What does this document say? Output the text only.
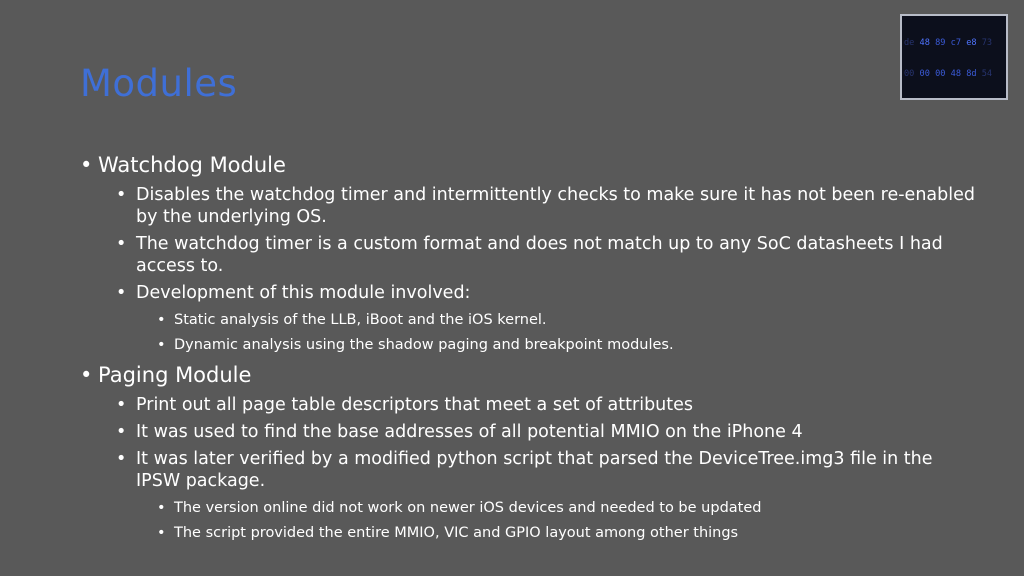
Modules

de 48 89 c7 e8 73

00 00 00 48 8d 54

• Watchdog Module

• Disables the watchdog timer and intermittently checks to make sure it has not been re-enabled by the underlying OS.

• The watchdog timer is a custom format and does not match up to any SoC datasheets I had access to.

• Development of this module involved:

• Static analysis of the LLB, iBoot and the iOS kernel.

• Dynamic analysis using the shadow paging and breakpoint modules.

• Paging Module

• Print out all page table descriptors that meet a set of attributes

• It was used to find the base addresses of all potential MMIO on the iPhone 4

• It was later verified by a modified python script that parsed the DeviceTree.img3 file in the IPSW package.

• The version online did not work on newer iOS devices and needed to be updated

• The script provided the entire MMIO, VIC and GPIO layout among other things
